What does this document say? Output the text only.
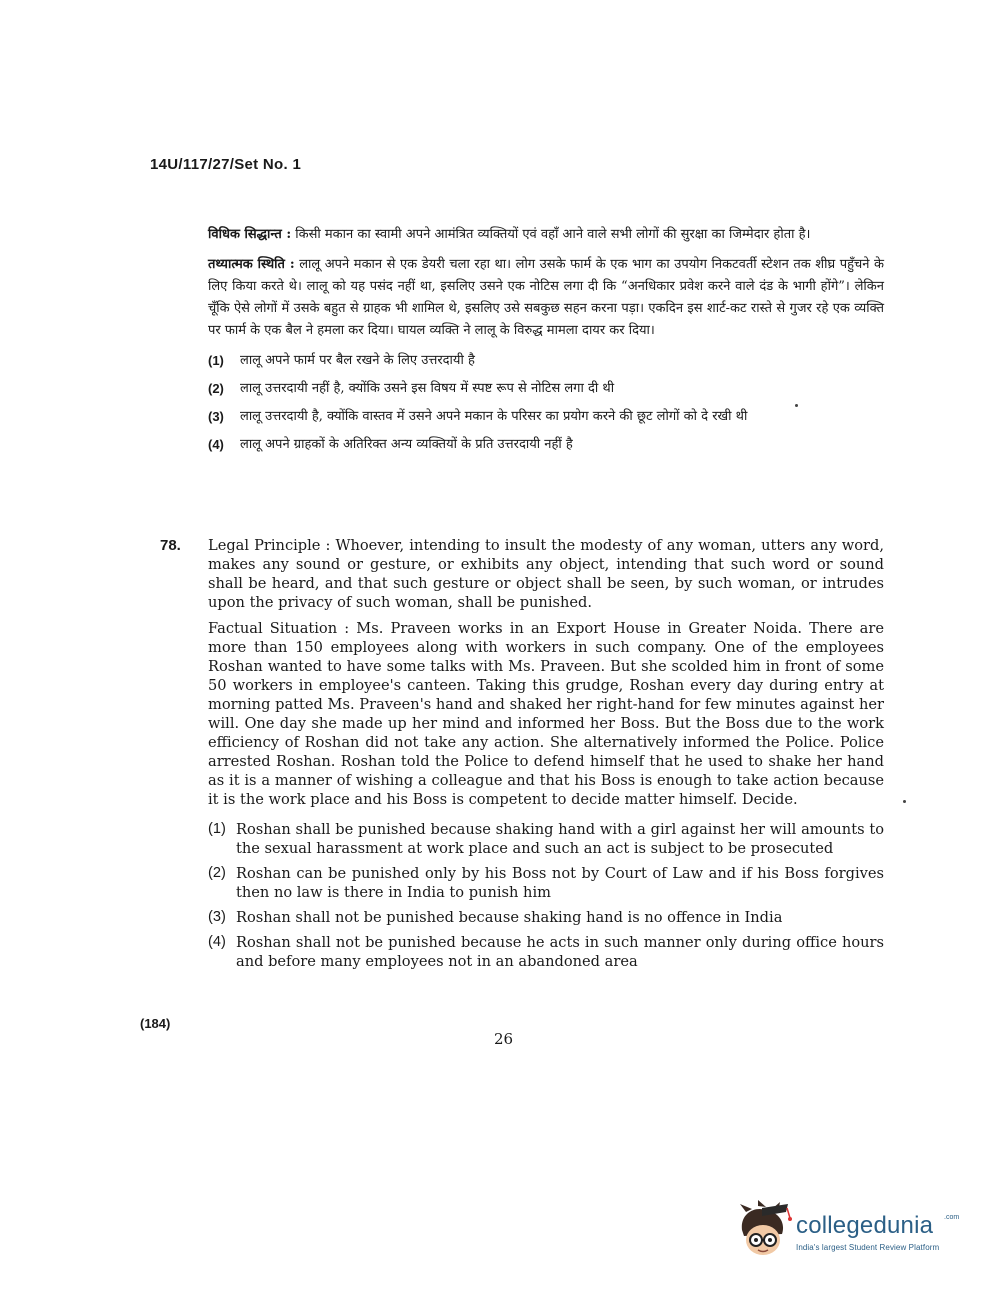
14U/117/27/Set No. 1

विधिक सिद्धान्त : किसी मकान का स्वामी अपने आमंत्रित व्यक्तियों एवं वहाँ आने वाले सभी लोगों की सुरक्षा का जिम्मेदार होता है।

तथ्यात्मक स्थिति : लालू अपने मकान से एक डेयरी चला रहा था। लोग उसके फार्म के एक भाग का उपयोग निकटवर्ती स्टेशन तक शीघ्र पहुँचने के लिए किया करते थे। लालू को यह पसंद नहीं था, इसलिए उसने एक नोटिस लगा दी कि “अनधिकार प्रवेश करने वाले दंड के भागी होंगे”। लेकिन चूँकि ऐसे लोगों में उसके बहुत से ग्राहक भी शामिल थे, इसलिए उसे सबकुछ सहन करना पड़ा। एकदिन इस शार्ट-कट रास्ते से गुजर रहे एक व्यक्ति पर फार्म के एक बैल ने हमला कर दिया। घायल व्यक्ति ने लालू के विरुद्ध मामला दायर कर दिया।

(1)	लालू अपने फार्म पर बैल रखने के लिए उत्तरदायी है
(2)	लालू उत्तरदायी नहीं है, क्योंकि उसने इस विषय में स्पष्ट रूप से नोटिस लगा दी थी
(3)	लालू उत्तरदायी है, क्योंकि वास्तव में उसने अपने मकान के परिसर का प्रयोग करने की छूट लोगों को दे रखी थी
(4)	लालू अपने ग्राहकों के अतिरिक्त अन्य व्यक्तियों के प्रति उत्तरदायी नहीं है
78.	Legal Principle : Whoever, intending to insult the modesty of any woman, utters any word, makes any sound or gesture, or exhibits any object, intending that such word or sound shall be heard, and that such gesture or object shall be seen, by such woman, or intrudes upon the privacy of such woman, shall be punished.

Factual Situation : Ms. Praveen works in an Export House in Greater Noida. There are more than 150 employees along with workers in such company. One of the employees Roshan wanted to have some talks with Ms. Praveen. But she scolded him in front of some 50 workers in employee's canteen. Taking this grudge, Roshan every day during entry at morning patted Ms. Praveen's hand and shaked her right-hand for few minutes against her will. One day she made up her mind and informed her Boss. But the Boss due to the work efficiency of Roshan did not take any action. She alternatively informed the Police. Police arrested Roshan. Roshan told the Police to defend himself that he used to shake her hand as it is a manner of wishing a colleague and that his Boss is enough to take action because it is the work place and his Boss is competent to decide matter himself. Decide.

(1) Roshan shall be punished because shaking hand with a girl against her will amounts to the sexual harassment at work place and such an act is subject to be prosecuted
(2) Roshan can be punished only by his Boss not by Court of Law and if his Boss forgives then no law is there in India to punish him
(3) Roshan shall not be punished because shaking hand is no offence in India
(4) Roshan shall not be punished because he acts in such manner only during office hours and before many employees not in an abandoned area
(184)
26
collegedunia .com
India's largest Student Review Platform
